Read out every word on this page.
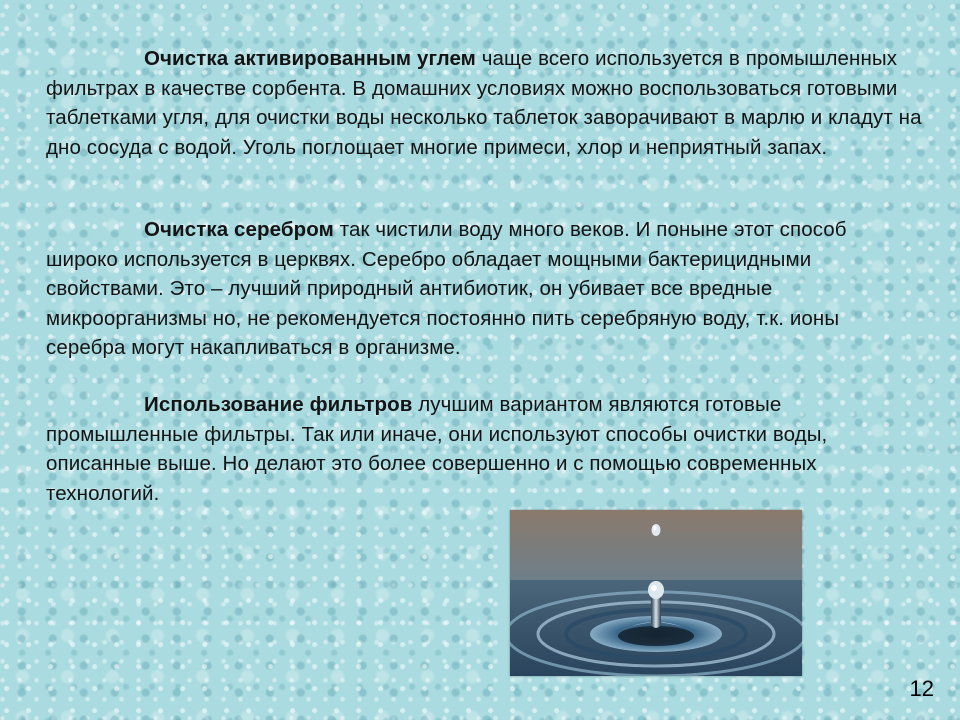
Очистка активированным углем чаще всего используется в промышленных фильтрах в качестве сорбента. В домашних условиях можно воспользоваться готовыми таблетками угля, для очистки воды несколько таблеток заворачивают в марлю и кладут на дно сосуда с водой. Уголь поглощает многие примеси, хлор и неприятный запах.

Очистка серебром так чистили воду много веков. И поныне этот способ широко используется в церквях. Серебро обладает мощными бактерицидными свойствами. Это – лучший природный антибиотик, он убивает все вредные микроорганизмы но, не рекомендуется постоянно пить серебряную воду, т.к. ионы серебра могут накапливаться в организме.

Использование фильтров лучшим вариантом являются готовые промышленные фильтры. Так или иначе, они используют способы очистки воды, описанные выше. Но делают это более совершенно и с помощью современных технологий.

12
